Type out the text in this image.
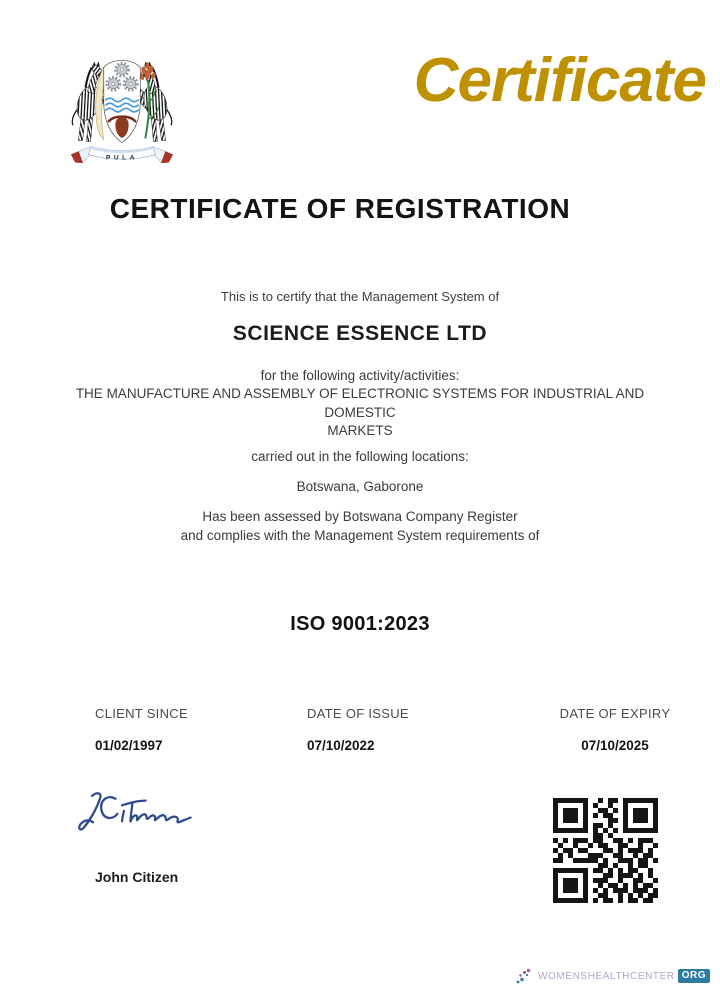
PULA
Certificate
CERTIFICATE OF REGISTRATION
This is to certify that the Management System of
SCIENCE ESSENCE LTD
for the following activity/activities:
THE MANUFACTURE AND ASSEMBLY OF ELECTRONIC SYSTEMS FOR INDUSTRIAL AND
DOMESTIC
MARKETS
carried out in the following locations:
Botswana, Gaborone
Has been assessed by Botswana Company Register
and complies with the Management System requirements of
ISO 9001:2023
CLIENT SINCE
01/02/1997
DATE OF ISSUE
07/10/2022
DATE OF EXPIRY
07/10/2025
John Citizen
WOMENSHEALTHCENTER ORG
